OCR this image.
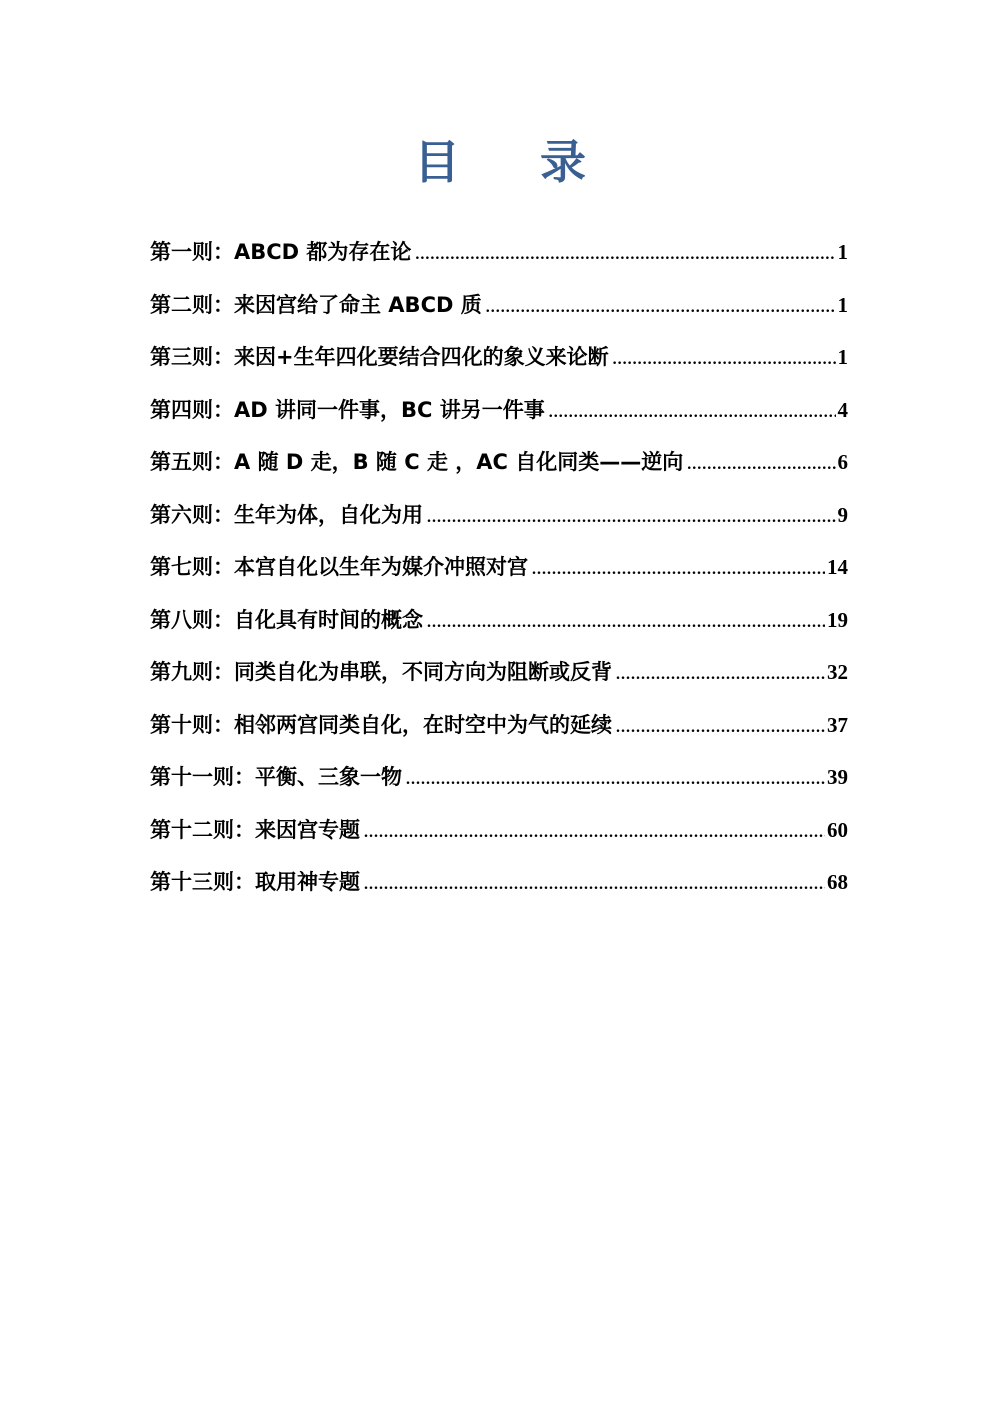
目 录
第一则：ABCD 都为存在论 .....	1
第二则：来因宫给了命主 ABCD 质 .....	1
第三则：来因+生年四化要结合四化的象义来论断 .....	1
第四则：AD 讲同一件事，BC 讲另一件事 .....	4
第五则：A 随 D 走，B 随 C 走 ，AC 自化同类——逆向 .....	6
第六则：生年为体，自化为用 .....	9
第七则：本宫自化以生年为媒介冲照对宫 .....	14
第八则：自化具有时间的概念 .....	19
第九则：同类自化为串联，不同方向为阻断或反背 .....	32
第十则：相邻两宫同类自化，在时空中为气的延续 .....	37
第十一则：平衡、三象一物 .....	39
第十二则：来因宫专题 .....	60
第十三则：取用神专题 .....	68
